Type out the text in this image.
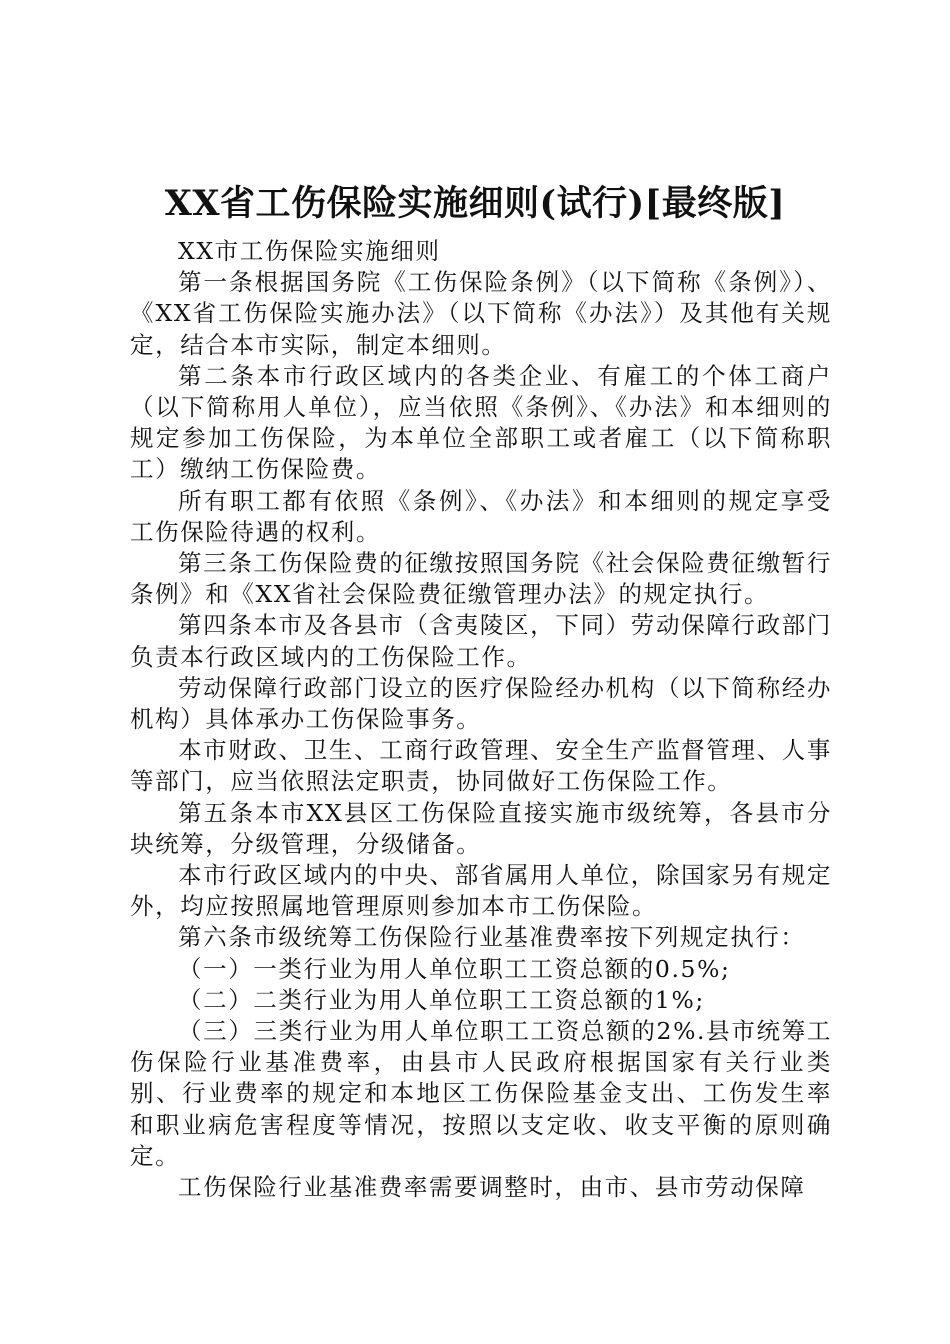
XX省工伤保险实施细则(试行)[最终版]

XX市工伤保险实施细则

第一条根据国务院《工伤保险条例》（以下简称《条例》）、《XX省工伤保险实施办法》（以下简称《办法》）及其他有关规定，结合本市实际，制定本细则。

第二条本市行政区域内的各类企业、有雇工的个体工商户（以下简称用人单位），应当依照《条例》、《办法》和本细则的规定参加工伤保险，为本单位全部职工或者雇工（以下简称职工）缴纳工伤保险费。

所有职工都有依照《条例》、《办法》和本细则的规定享受工伤保险待遇的权利。

第三条工伤保险费的征缴按照国务院《社会保险费征缴暂行条例》和《XX省社会保险费征缴管理办法》的规定执行。

第四条本市及各县市（含夷陵区，下同）劳动保障行政部门负责本行政区域内的工伤保险工作。

劳动保障行政部门设立的医疗保险经办机构（以下简称经办机构）具体承办工伤保险事务。

本市财政、卫生、工商行政管理、安全生产监督管理、人事等部门，应当依照法定职责，协同做好工伤保险工作。

第五条本市XX县区工伤保险直接实施市级统筹，各县市分块统筹，分级管理，分级储备。

本市行政区域内的中央、部省属用人单位，除国家另有规定外，均应按照属地管理原则参加本市工伤保险。

第六条市级统筹工伤保险行业基准费率按下列规定执行：

（一）一类行业为用人单位职工工资总额的0.5%;

（二）二类行业为用人单位职工工资总额的1%;

（三）三类行业为用人单位职工工资总额的2%.县市统筹工伤保险行业基准费率，由县市人民政府根据国家有关行业类别、行业费率的规定和本地区工伤保险基金支出、工伤发生率和职业病危害程度等情况，按照以支定收、收支平衡的原则确定。

工伤保险行业基准费率需要调整时，由市、县市劳动保障
